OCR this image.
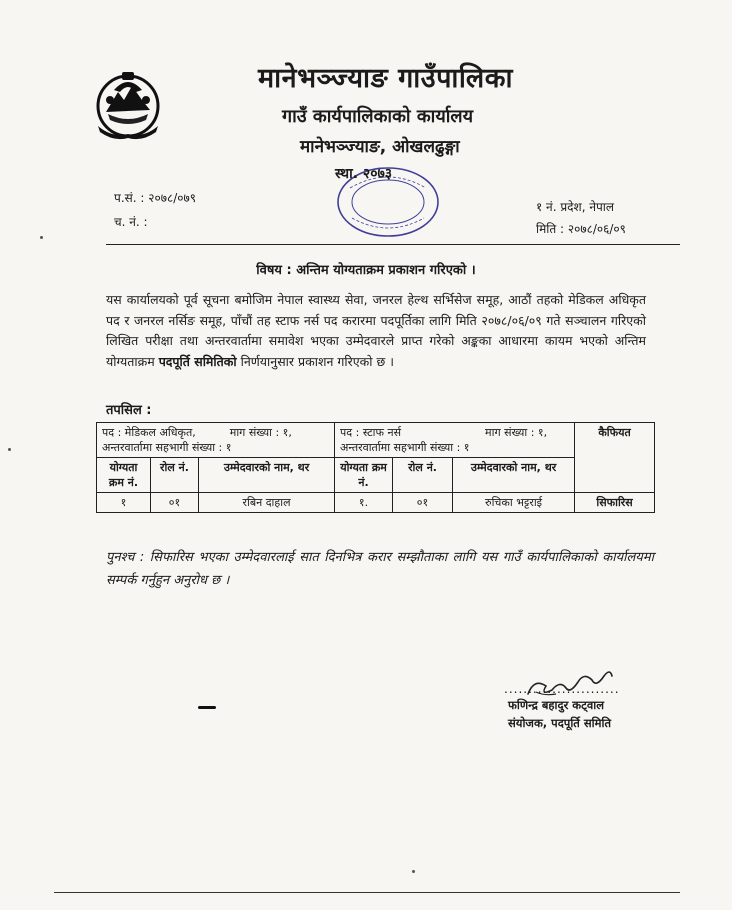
मानेभञ्ज्याङ गाउँपालिका
गाउँ कार्यपालिकाको कार्यालय
मानेभञ्ज्याङ, ओखलढुङ्गा
स्था. २०७३
प.सं. : २०७८/०७९
च. नं. :
१ नं. प्रदेश, नेपाल
मिति : २०७८/०६/०९
विषय : अन्तिम योग्यताक्रम प्रकाशन गरिएको ।
यस कार्यालयको पूर्व सूचना बमोजिम नेपाल स्वास्थ्य सेवा, जनरल हेल्थ सर्भिसेज समूह, आठौं तहको मेडिकल अधिकृत पद र जनरल नर्सिङ समूह, पाँचौं तह स्टाफ नर्स पद करारमा पदपूर्तिका लागि मिति २०७८/०६/०९ गते सञ्चालन गरिएको लिखित परीक्षा तथा अन्तरवार्तामा समावेश भएका उम्मेदवारले प्राप्त गरेको अङ्कका आधारमा कायम भएको अन्तिम योग्यताक्रम पदपूर्ति समितिको निर्णयानुसार प्रकाशन गरिएको छ ।
तपसिल :
पद : मेडिकल अधिकृत, माग संख्या : १,
अन्तरवार्तामा सहभागी संख्या : १			पद : स्टाफ नर्स माग संख्या : १,
अन्तरवार्तामा सहभागी संख्या : १			कैफियत
योग्यता क्रम नं.	रोल नं.	उम्मेदवारको नाम, थर	योग्यता क्रम नं.	रोल नं.	उम्मेदवारको नाम, थर	
१	०१	रबिन दाहाल	१.	०१	रुचिका भट्टराई	सिफारिस
पुनश्च : सिफारिस भएका उम्मेदवारलाई सात दिनभित्र करार सम्झौताका लागि यस गाउँ कार्यपालिकाको कार्यालयमा सम्पर्क गर्नुहुन अनुरोध छ ।
........................
फणिन्द्र बहादुर कट्वाल
संयोजक, पदपूर्ति समिति
